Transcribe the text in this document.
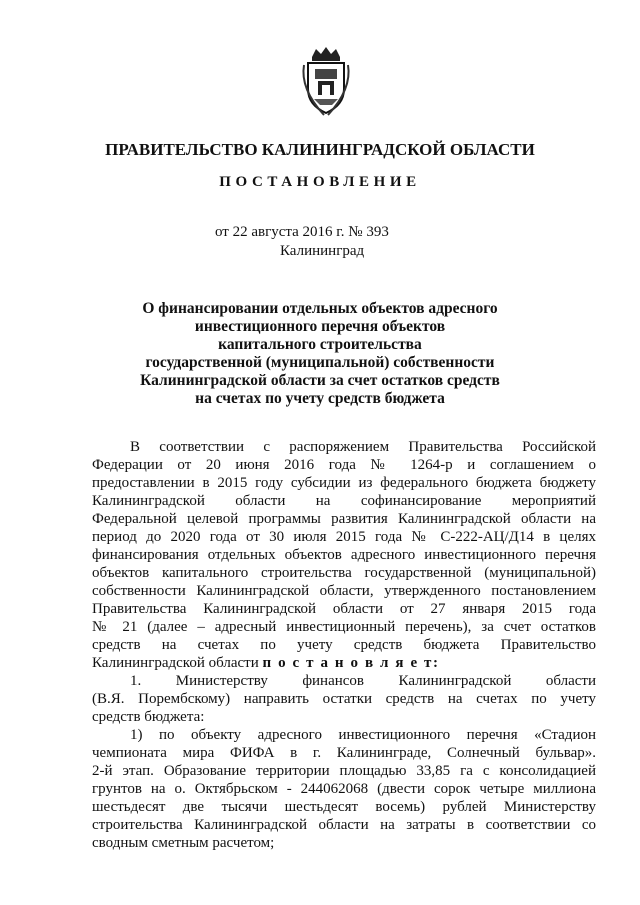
ПРАВИТЕЛЬСТВО КАЛИНИНГРАДСКОЙ ОБЛАСТИ
ПОСТАНОВЛЕНИЕ
от 22 августа 2016 г. № 393
Калининград
О финансировании отдельных объектов адресного
инвестиционного перечня объектов
капитального строительства
государственной (муниципальной) собственности
Калининградской области за счет остатков средств
на счетах по учету средств бюджета
В соответствии с распоряжением Правительства Российской
Федерации от 20 июня 2016 года № 1264-р и соглашением о
предоставлении в 2015 году субсидии из федерального бюджета бюджету
Калининградской области на софинансирование мероприятий
Федеральной целевой программы развития Калининградской области на
период до 2020 года от 30 июля 2015 года № С-222-АЦ/Д14 в целях
финансирования отдельных объектов адресного инвестиционного перечня
объектов капитального строительства государственной (муниципальной)
собственности Калининградской области, утвержденного постановлением
Правительства Калининградской области от 27 января 2015 года
№ 21 (далее – адресный инвестиционный перечень), за счет остатков
средств на счетах по учету средств бюджета Правительство
Калининградской области п о с т а н о в л я е т:
1. Министерству финансов Калининградской области
(В.Я. Порембскому) направить остатки средств на счетах по учету
средств бюджета:
1) по объекту адресного инвестиционного перечня «Стадион
чемпионата мира ФИФА в г. Калининграде, Солнечный бульвар».
2-й этап. Образование территории площадью 33,85 га с консолидацией
грунтов на о. Октябрьском - 244062068 (двести сорок четыре миллиона
шестьдесят две тысячи шестьдесят восемь) рублей Министерству
строительства Калининградской области на затраты в соответствии со
сводным сметным расчетом;
